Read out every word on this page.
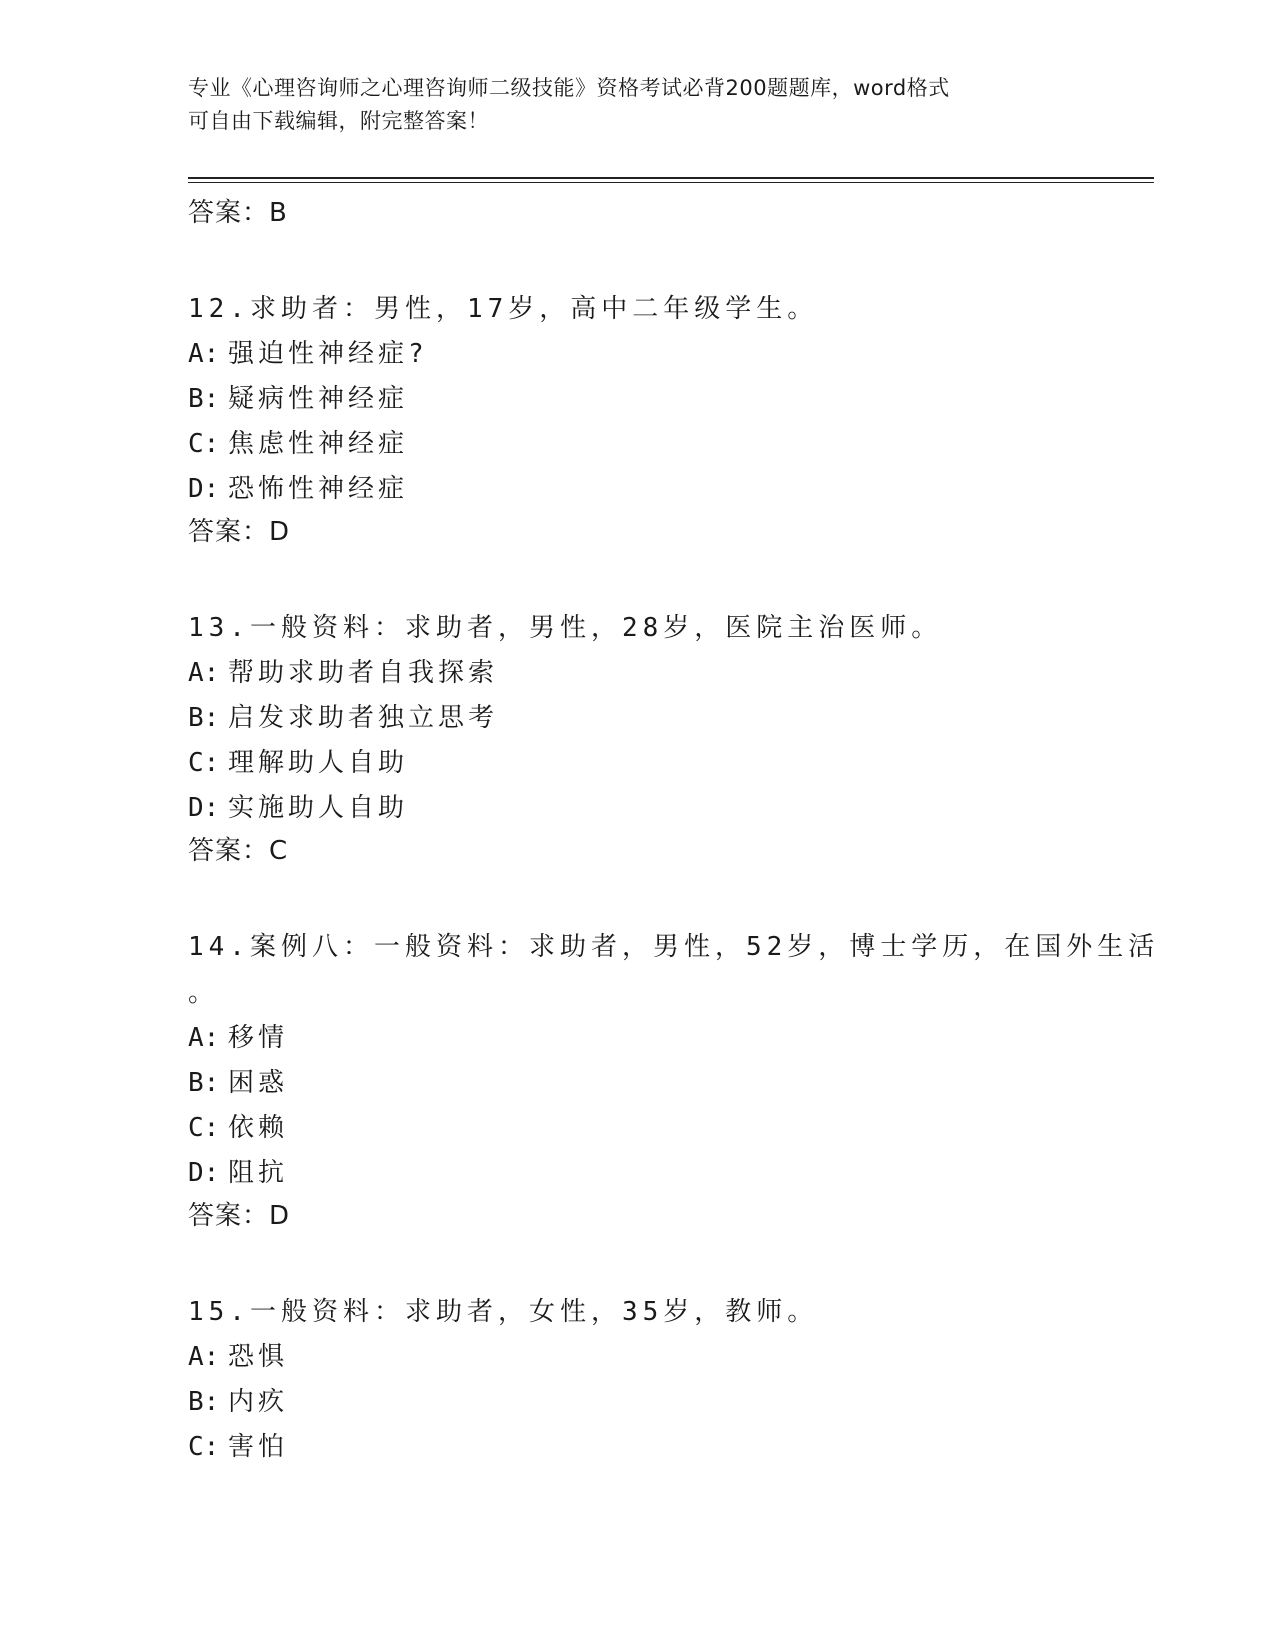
专业《心理咨询师之心理咨询师二级技能》资格考试必背200题题库，word格式
可自由下载编辑，附完整答案！
答案：B
12.求助者：男性，17岁，高中二年级学生。
A: 强迫性神经症?
B: 疑病性神经症
C: 焦虑性神经症
D: 恐怖性神经症
答案：D
13.一般资料：求助者，男性，28岁，医院主治医师。
A: 帮助求助者自我探索
B: 启发求助者独立思考
C: 理解助人自助
D: 实施助人自助
答案：C
14.案例八：一般资料：求助者，男性，52岁，博士学历，在国外生活
。
A: 移情
B: 困惑
C: 依赖
D: 阻抗
答案：D
15.一般资料：求助者，女性，35岁，教师。
A: 恐惧
B: 内疚
C: 害怕
